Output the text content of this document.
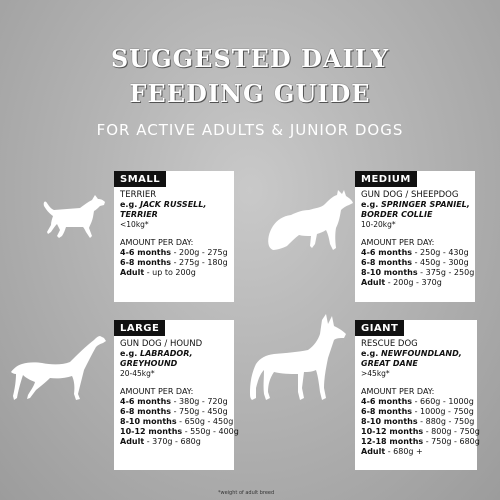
SUGGESTED DAILY
FEEDING GUIDE
FOR ACTIVE ADULTS & JUNIOR DOGS
TERRIER
e.g. JACK RUSSELL,
TERRIER
<10kg*
AMOUNT PER DAY:
4-6 months - 200g - 275g
6-8 months - 275g - 180g
Adult - up to 200g
SMALL
GUN DOG / SHEEPDOG
e.g. SPRINGER SPANIEL,
BORDER COLLIE
10-20kg*
AMOUNT PER DAY:
4-6 months - 250g - 430g
6-8 months - 450g - 300g
8-10 months - 375g - 250g
Adult - 200g - 370g
MEDIUM
GUN DOG / HOUND
e.g. LABRADOR,
GREYHOUND
20-45kg*
AMOUNT PER DAY:
4-6 months - 380g - 720g
6-8 months - 750g - 450g
8-10 months - 650g - 450g
10-12 months - 550g - 400g
Adult - 370g - 680g
LARGE
RESCUE DOG
e.g. NEWFOUNDLAND,
GREAT DANE
>45kg*
AMOUNT PER DAY:
4-6 months - 660g - 1000g
6-8 months - 1000g - 750g
8-10 months - 880g - 750g
10-12 months - 800g - 750g
12-18 months - 750g - 680g
Adult - 680g +
GIANT
*weight of adult breed
